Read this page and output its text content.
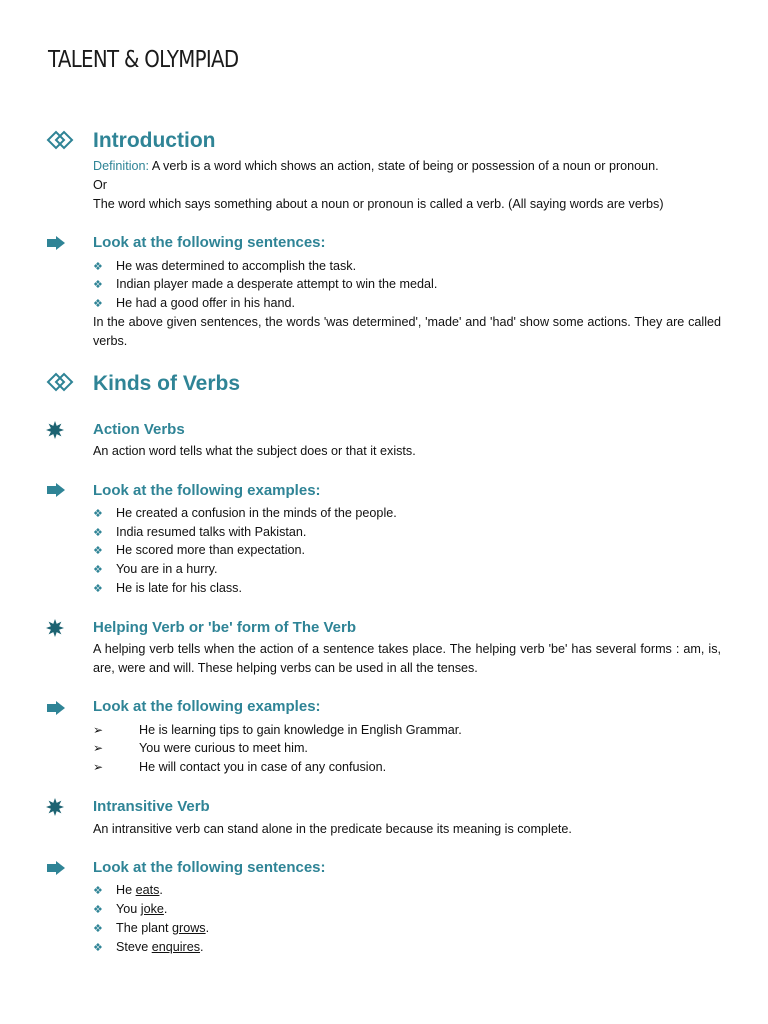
TALENT & OLYMPIAD
Introduction
Definition: A verb is a word which shows an action, state of being or possession of a noun or pronoun.
Or
The word which says something about a noun or pronoun is called a verb. (All saying words are verbs)
Look at the following sentences:
❖ He was determined to accomplish the task.
❖ Indian player made a desperate attempt to win the medal.
❖ He had a good offer in his hand.
In the above given sentences, the words 'was determined', 'made' and 'had' show some actions. They are called verbs.
Kinds of Verbs
Action Verbs
An action word tells what the subject does or that it exists.
Look at the following examples:
❖ He created a confusion in the minds of the people.
❖ India resumed talks with Pakistan.
❖ He scored more than expectation.
❖ You are in a hurry.
❖ He is late for his class.
Helping Verb or 'be' form of The Verb
A helping verb tells when the action of a sentence takes place. The helping verb 'be' has several forms : am, is, are, were and will. These helping verbs can be used in all the tenses.
Look at the following examples:
➢	He is learning tips to gain knowledge in English Grammar.
➢	You were curious to meet him.
➢	He will contact you in case of any confusion.
Intransitive Verb
An intransitive verb can stand alone in the predicate because its meaning is complete.
Look at the following sentences:
❖ He eats.
❖ You joke.
❖ The plant grows.
❖ Steve enquires.
